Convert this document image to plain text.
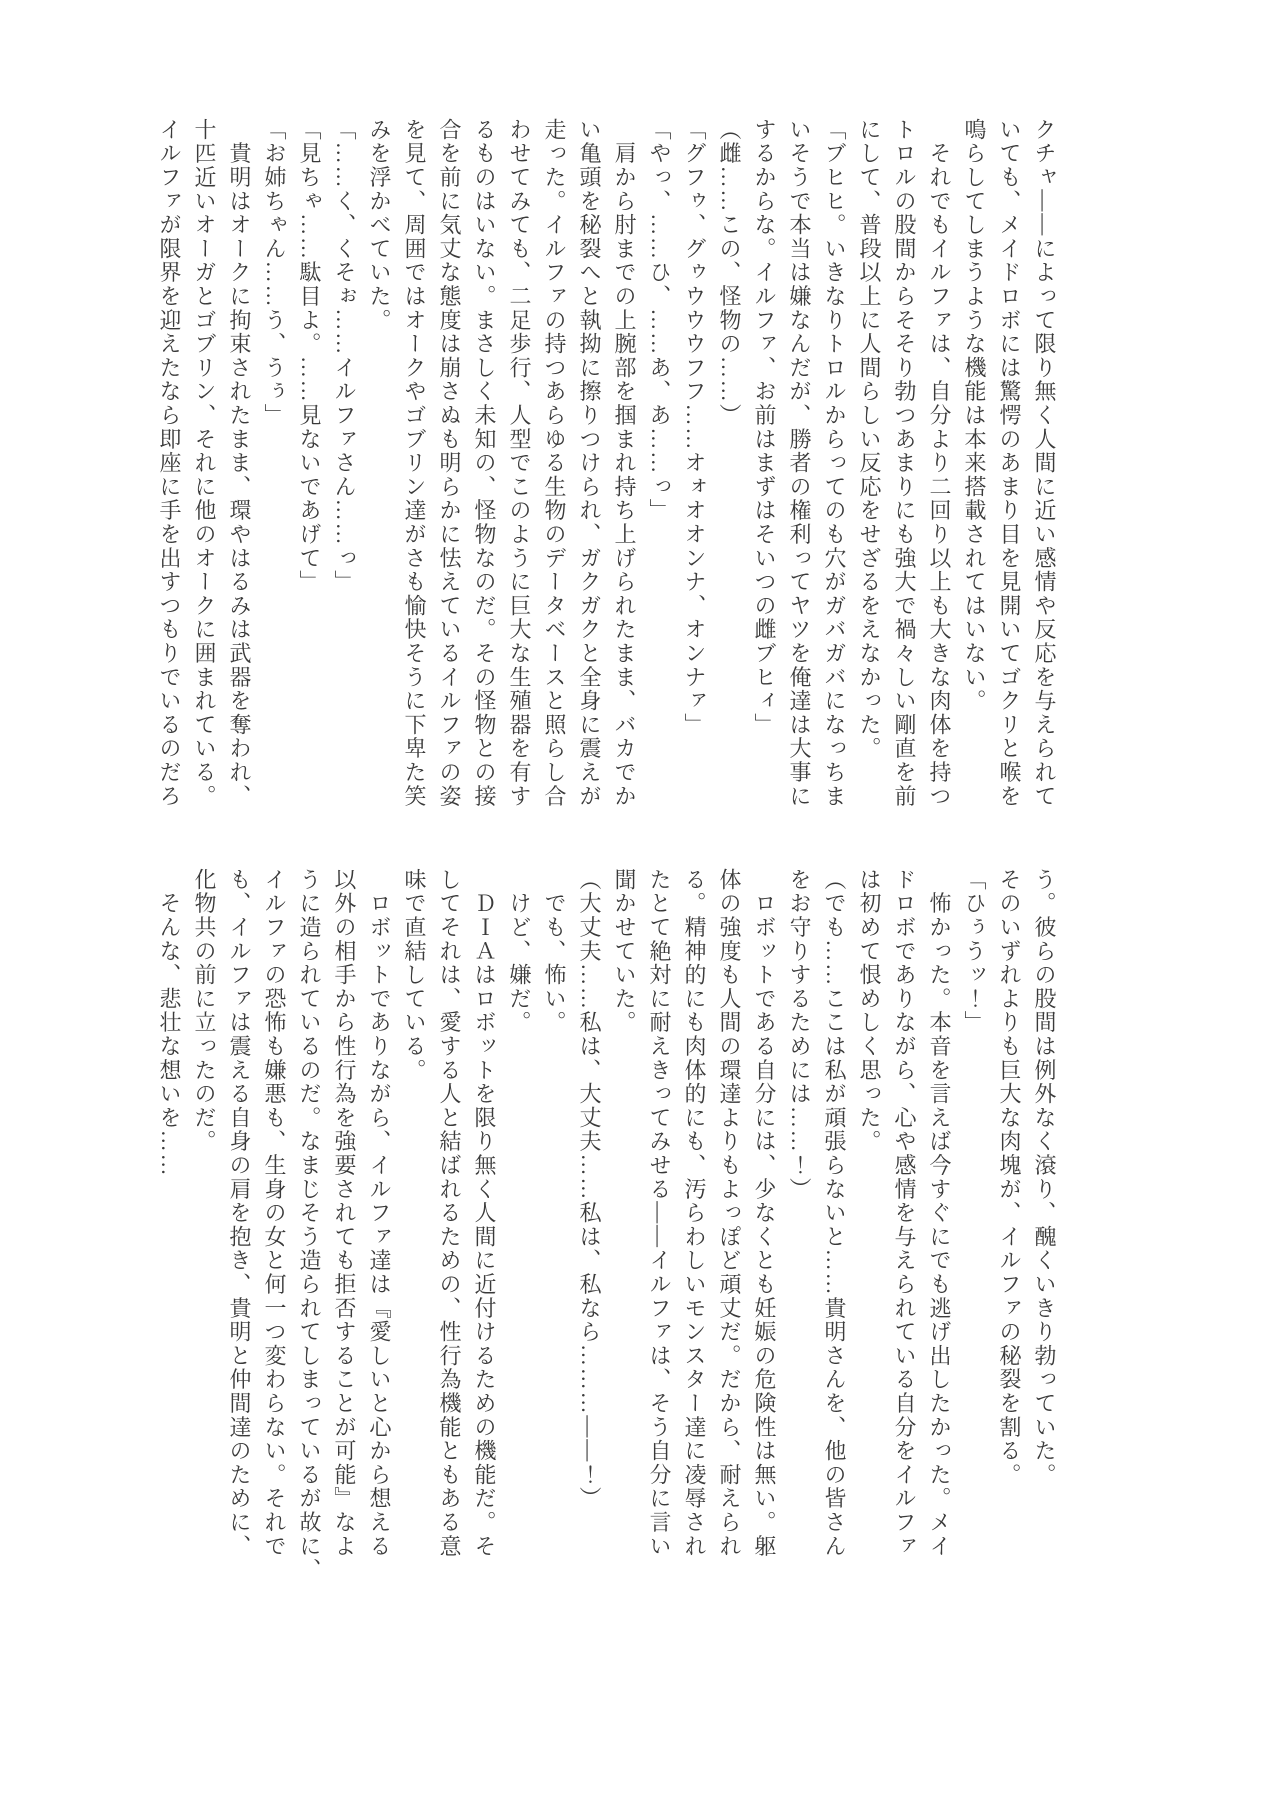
クチャ――によって限り無く人間に近い感情や反応を与えられて

いても、メイドロボには驚愕のあまり目を見開いてゴクリと喉を

鳴らしてしまうような機能は本来搭載されてはいない。

　それでもイルファは、自分より二回り以上も大きな肉体を持つ

トロルの股間からそそり勃つあまりにも強大で禍々しい剛直を前

にして、普段以上に人間らしい反応をせざるをえなかった。

「ブヒヒ。いきなりトロルからってのも穴がガバガバになっちま

いそうで本当は嫌なんだが、勝者の権利ってヤツを俺達は大事に

するからな。イルファ、お前はまずはそいつの雌ブヒィ」

（雌……この、怪物の……）

「グフゥ、グゥウウウフフ……オォオオンナ、オンナァ」

「やっ、……ひ、……あ、あ……っ」

　肩から肘までの上腕部を掴まれ持ち上げられたまま、バカでか

い亀頭を秘裂へと執拗に擦りつけられ、ガクガクと全身に震えが

走った。イルファの持つあらゆる生物のデータベースと照らし合

わせてみても、二足歩行、人型でこのように巨大な生殖器を有す

るものはいない。まさしく未知の、怪物なのだ。その怪物との接

合を前に気丈な態度は崩さぬも明らかに怯えているイルファの姿

を見て、周囲ではオークやゴブリン達がさも愉快そうに下卑た笑

みを浮かべていた。

「……く、くそぉ……イルファさん……っ」

「見ちゃ……駄目よ。……見ないであげて」

「お姉ちゃん……う、うぅ」

　貴明はオークに拘束されたまま、環やはるみは武器を奪われ、

十匹近いオーガとゴブリン、それに他のオークに囲まれている。

イルファが限界を迎えたなら即座に手を出すつもりでいるのだろ

う。彼らの股間は例外なく滾り、醜くいきり勃っていた。

そのいずれよりも巨大な肉塊が、イルファの秘裂を割る。

「ひぅうッ！」

　怖かった。本音を言えば今すぐにでも逃げ出したかった。メイ

ドロボでありながら、心や感情を与えられている自分をイルファ

は初めて恨めしく思った。

（でも……ここは私が頑張らないと……貴明さんを、他の皆さん

をお守りするためには……！）

　ロボットである自分には、少なくとも妊娠の危険性は無い。躯

体の強度も人間の環達よりもよっぽど頑丈だ。だから、耐えられ

る。精神的にも肉体的にも、汚らわしいモンスター達に凌辱され

たとて絶対に耐えきってみせる――イルファは、そう自分に言い

聞かせていた。

（大丈夫……私は、大丈夫……私は、私なら………――！）

　でも、怖い。

　けど、嫌だ。

　ＤＩＡはロボットを限り無く人間に近付けるための機能だ。そ

してそれは、愛する人と結ばれるための、性行為機能ともある意

味で直結している。

　ロボットでありながら、イルファ達は『愛しいと心から想える

以外の相手から性行為を強要されても拒否することが可能』なよ

うに造られているのだ。なまじそう造られてしまっているが故に、

イルファの恐怖も嫌悪も、生身の女と何一つ変わらない。それで

も、イルファは震える自身の肩を抱き、貴明と仲間達のために、

化物共の前に立ったのだ。

　そんな、悲壮な想いを……
